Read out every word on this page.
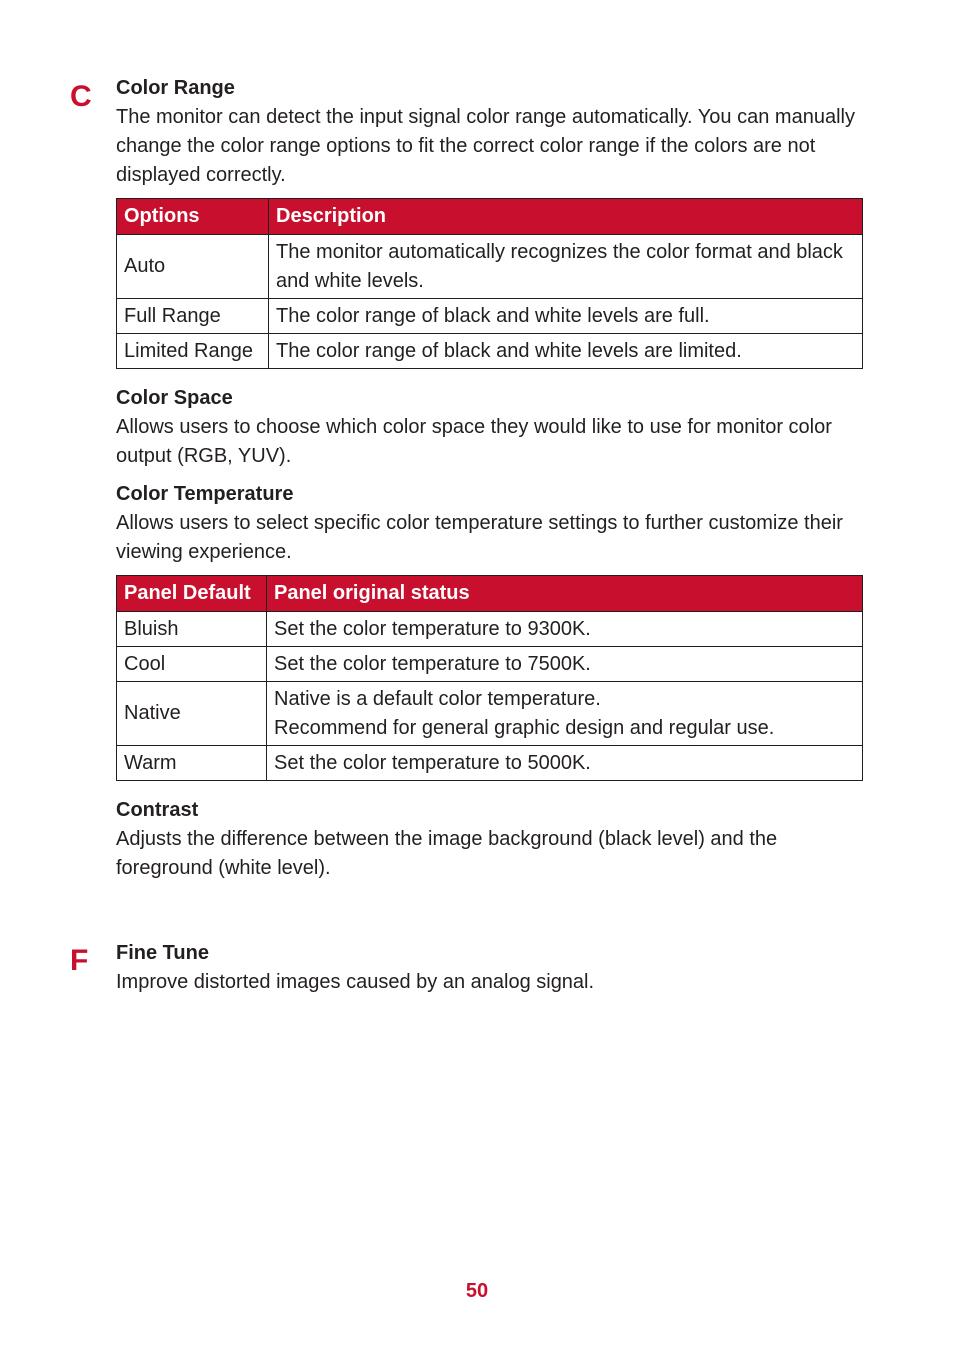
C Color Range

The monitor can detect the input signal color range automatically. You can manually change the color range options to fit the correct color range if the colors are not displayed correctly.

Options	Description
Auto	The monitor automatically recognizes the color format and black and white levels.
Full Range	The color range of black and white levels are full.
Limited Range	The color range of black and white levels are limited.
Color Space

Allows users to choose which color space they would like to use for monitor color output (RGB, YUV).

Color Temperature

Allows users to select specific color temperature settings to further customize their viewing experience.

Panel Default	Panel original status
Bluish	Set the color temperature to 9300K.
Cool	Set the color temperature to 7500K.
Native	Native is a default color temperature.
Recommend for general graphic design and regular use.

Warm	Set the color temperature to 5000K.
Contrast

Adjusts the difference between the image background (black level) and the foreground (white level).

F Fine Tune

Improve distorted images caused by an analog signal.

50
